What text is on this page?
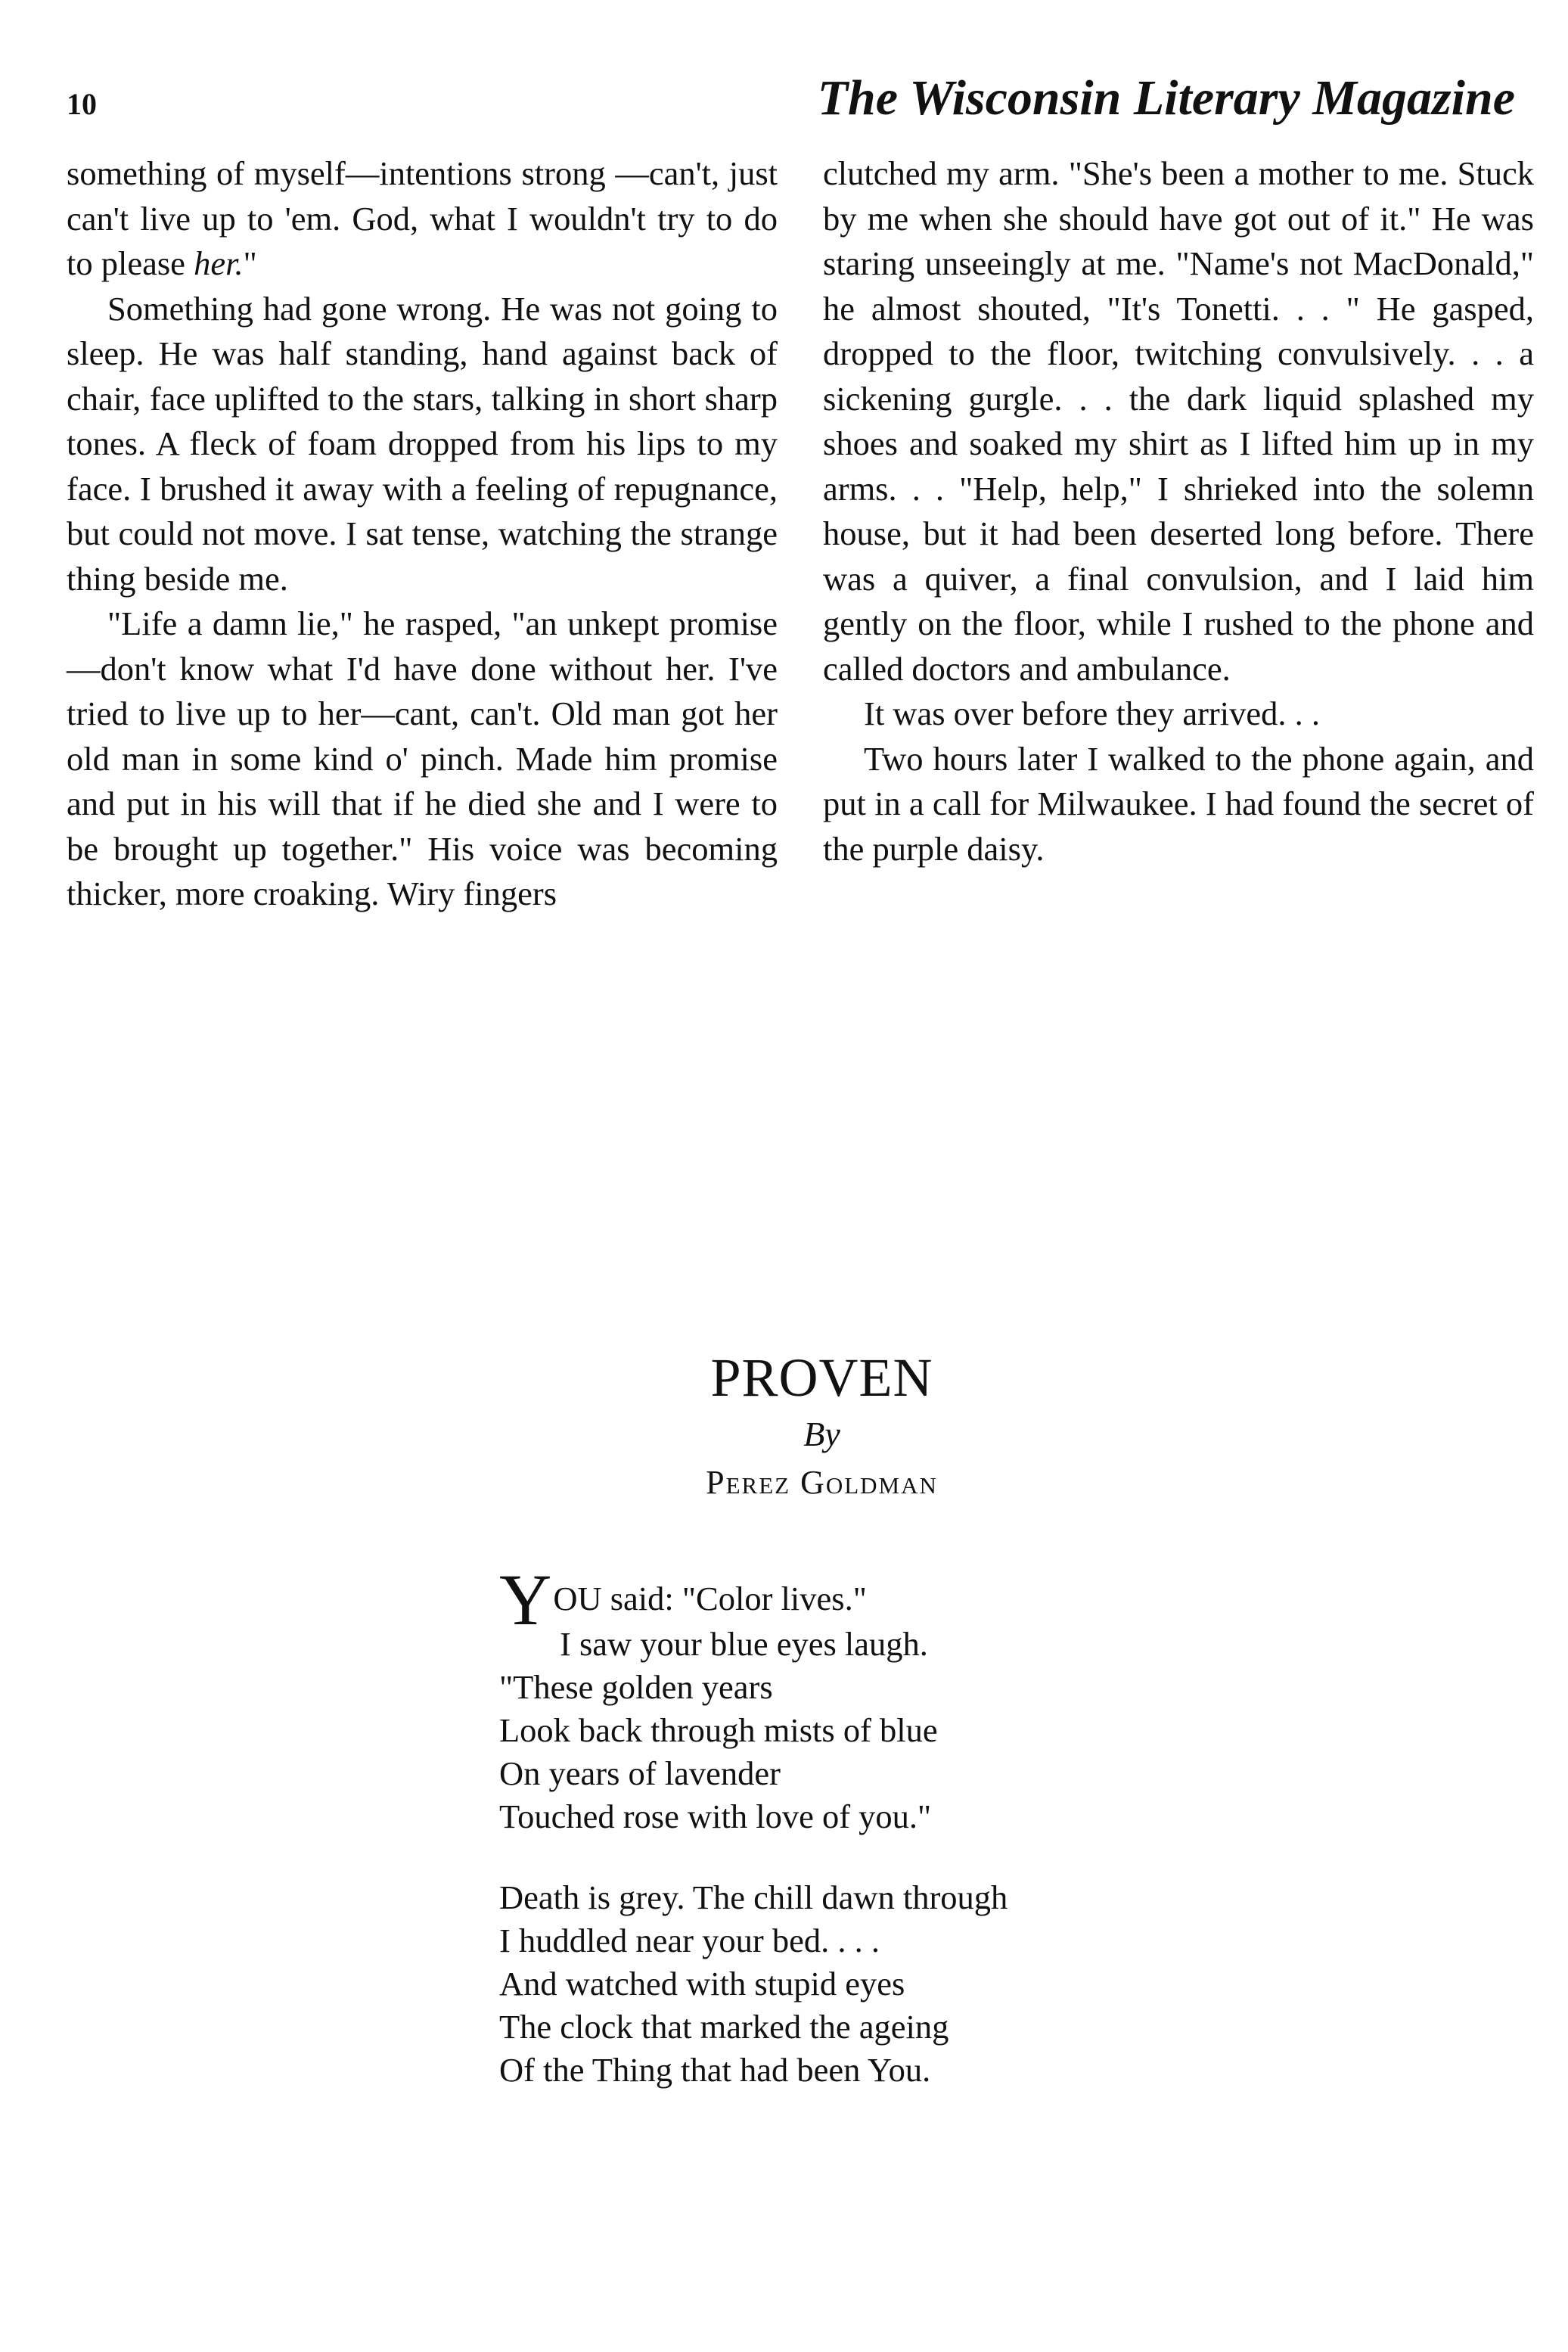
10	The Wisconsin Literary Magazine

something of myself—intentions strong —can't, just can't live up to 'em. God, what I wouldn't try to do to please her."

Something had gone wrong. He was not going to sleep. He was half standing, hand against back of chair, face uplifted to the stars, talking in short sharp tones. A fleck of foam dropped from his lips to my face. I brushed it away with a feeling of repugnance, but could not move. I sat tense, watching the strange thing beside me.

"Life a damn lie," he rasped, "an unkept promise—don't know what I'd have done without her. I've tried to live up to her—cant, can't. Old man got her old man in some kind o' pinch. Made him promise and put in his will that if he died she and I were to be brought up together." His voice was becoming thicker, more croaking. Wiry fingers

clutched my arm. "She's been a mother to me. Stuck by me when she should have got out of it." He was staring unseeingly at me. "Name's not MacDonald," he almost shouted, "It's Tonetti. . . " He gasped, dropped to the floor, twitching convulsively. . . a sickening gurgle. . . the dark liquid splashed my shoes and soaked my shirt as I lifted him up in my arms. . . "Help, help," I shrieked into the solemn house, but it had been deserted long before. There was a quiver, a final convulsion, and I laid him gently on the floor, while I rushed to the phone and called doctors and ambulance.

It was over before they arrived. . .

Two hours later I walked to the phone again, and put in a call for Milwaukee. I had found the secret of the purple daisy.

PROVEN
By
Perez Goldman
YOU said: "Color lives."
I saw your blue eyes laugh.
"These golden years
Look back through mists of blue
On years of lavender
Touched rose with love of you."
Death is grey. The chill dawn through
I huddled near your bed. . . .
And watched with stupid eyes
The clock that marked the ageing
Of the Thing that had been You.
